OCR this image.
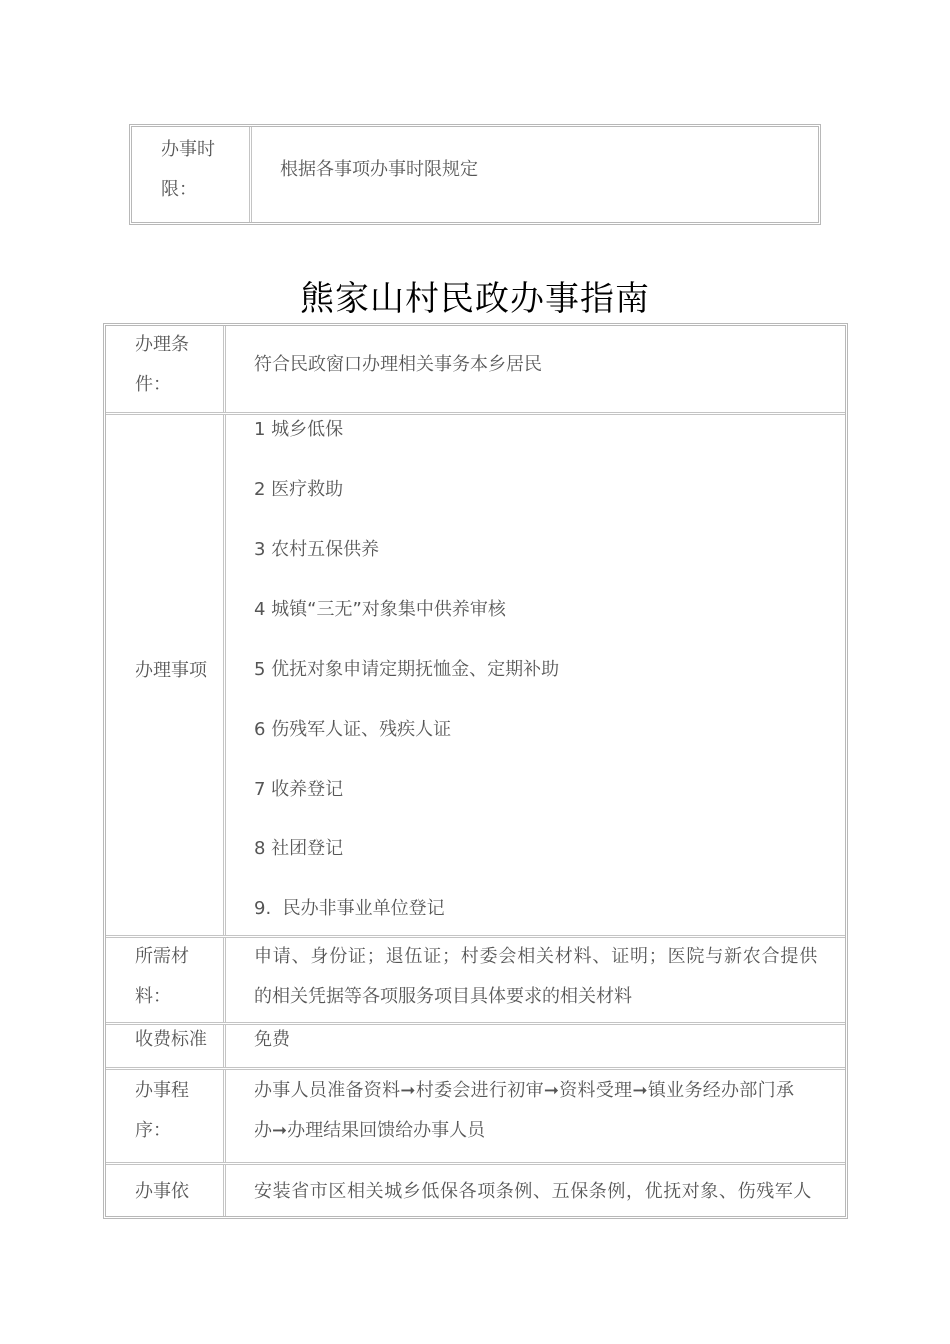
办事时
限：
根据各事项办事时限规定
熊家山村民政办事指南
办理条
件：
符合民政窗口办理相关事务本乡居民
办理事项
1 城乡低保
2 医疗救助
3 农村五保供养
4 城镇“三无”对象集中供养审核
5 优抚对象申请定期抚恤金、定期补助
6 伤残军人证、残疾人证
7 收养登记
8 社团登记
9.  民办非事业单位登记
所需材
料：
申请、身份证；退伍证；村委会相关材料、证明；医院与新农合提供
的相关凭据等各项服务项目具体要求的相关材料
收费标准	免费
办事程
序：
办事人员准备资料➞村委会进行初审➞资料受理➞镇业务经办部门承
办➞办理结果回馈给办事人员
办事依	安装省市区相关城乡低保各项条例、五保条例，优抚对象、伤残军人
